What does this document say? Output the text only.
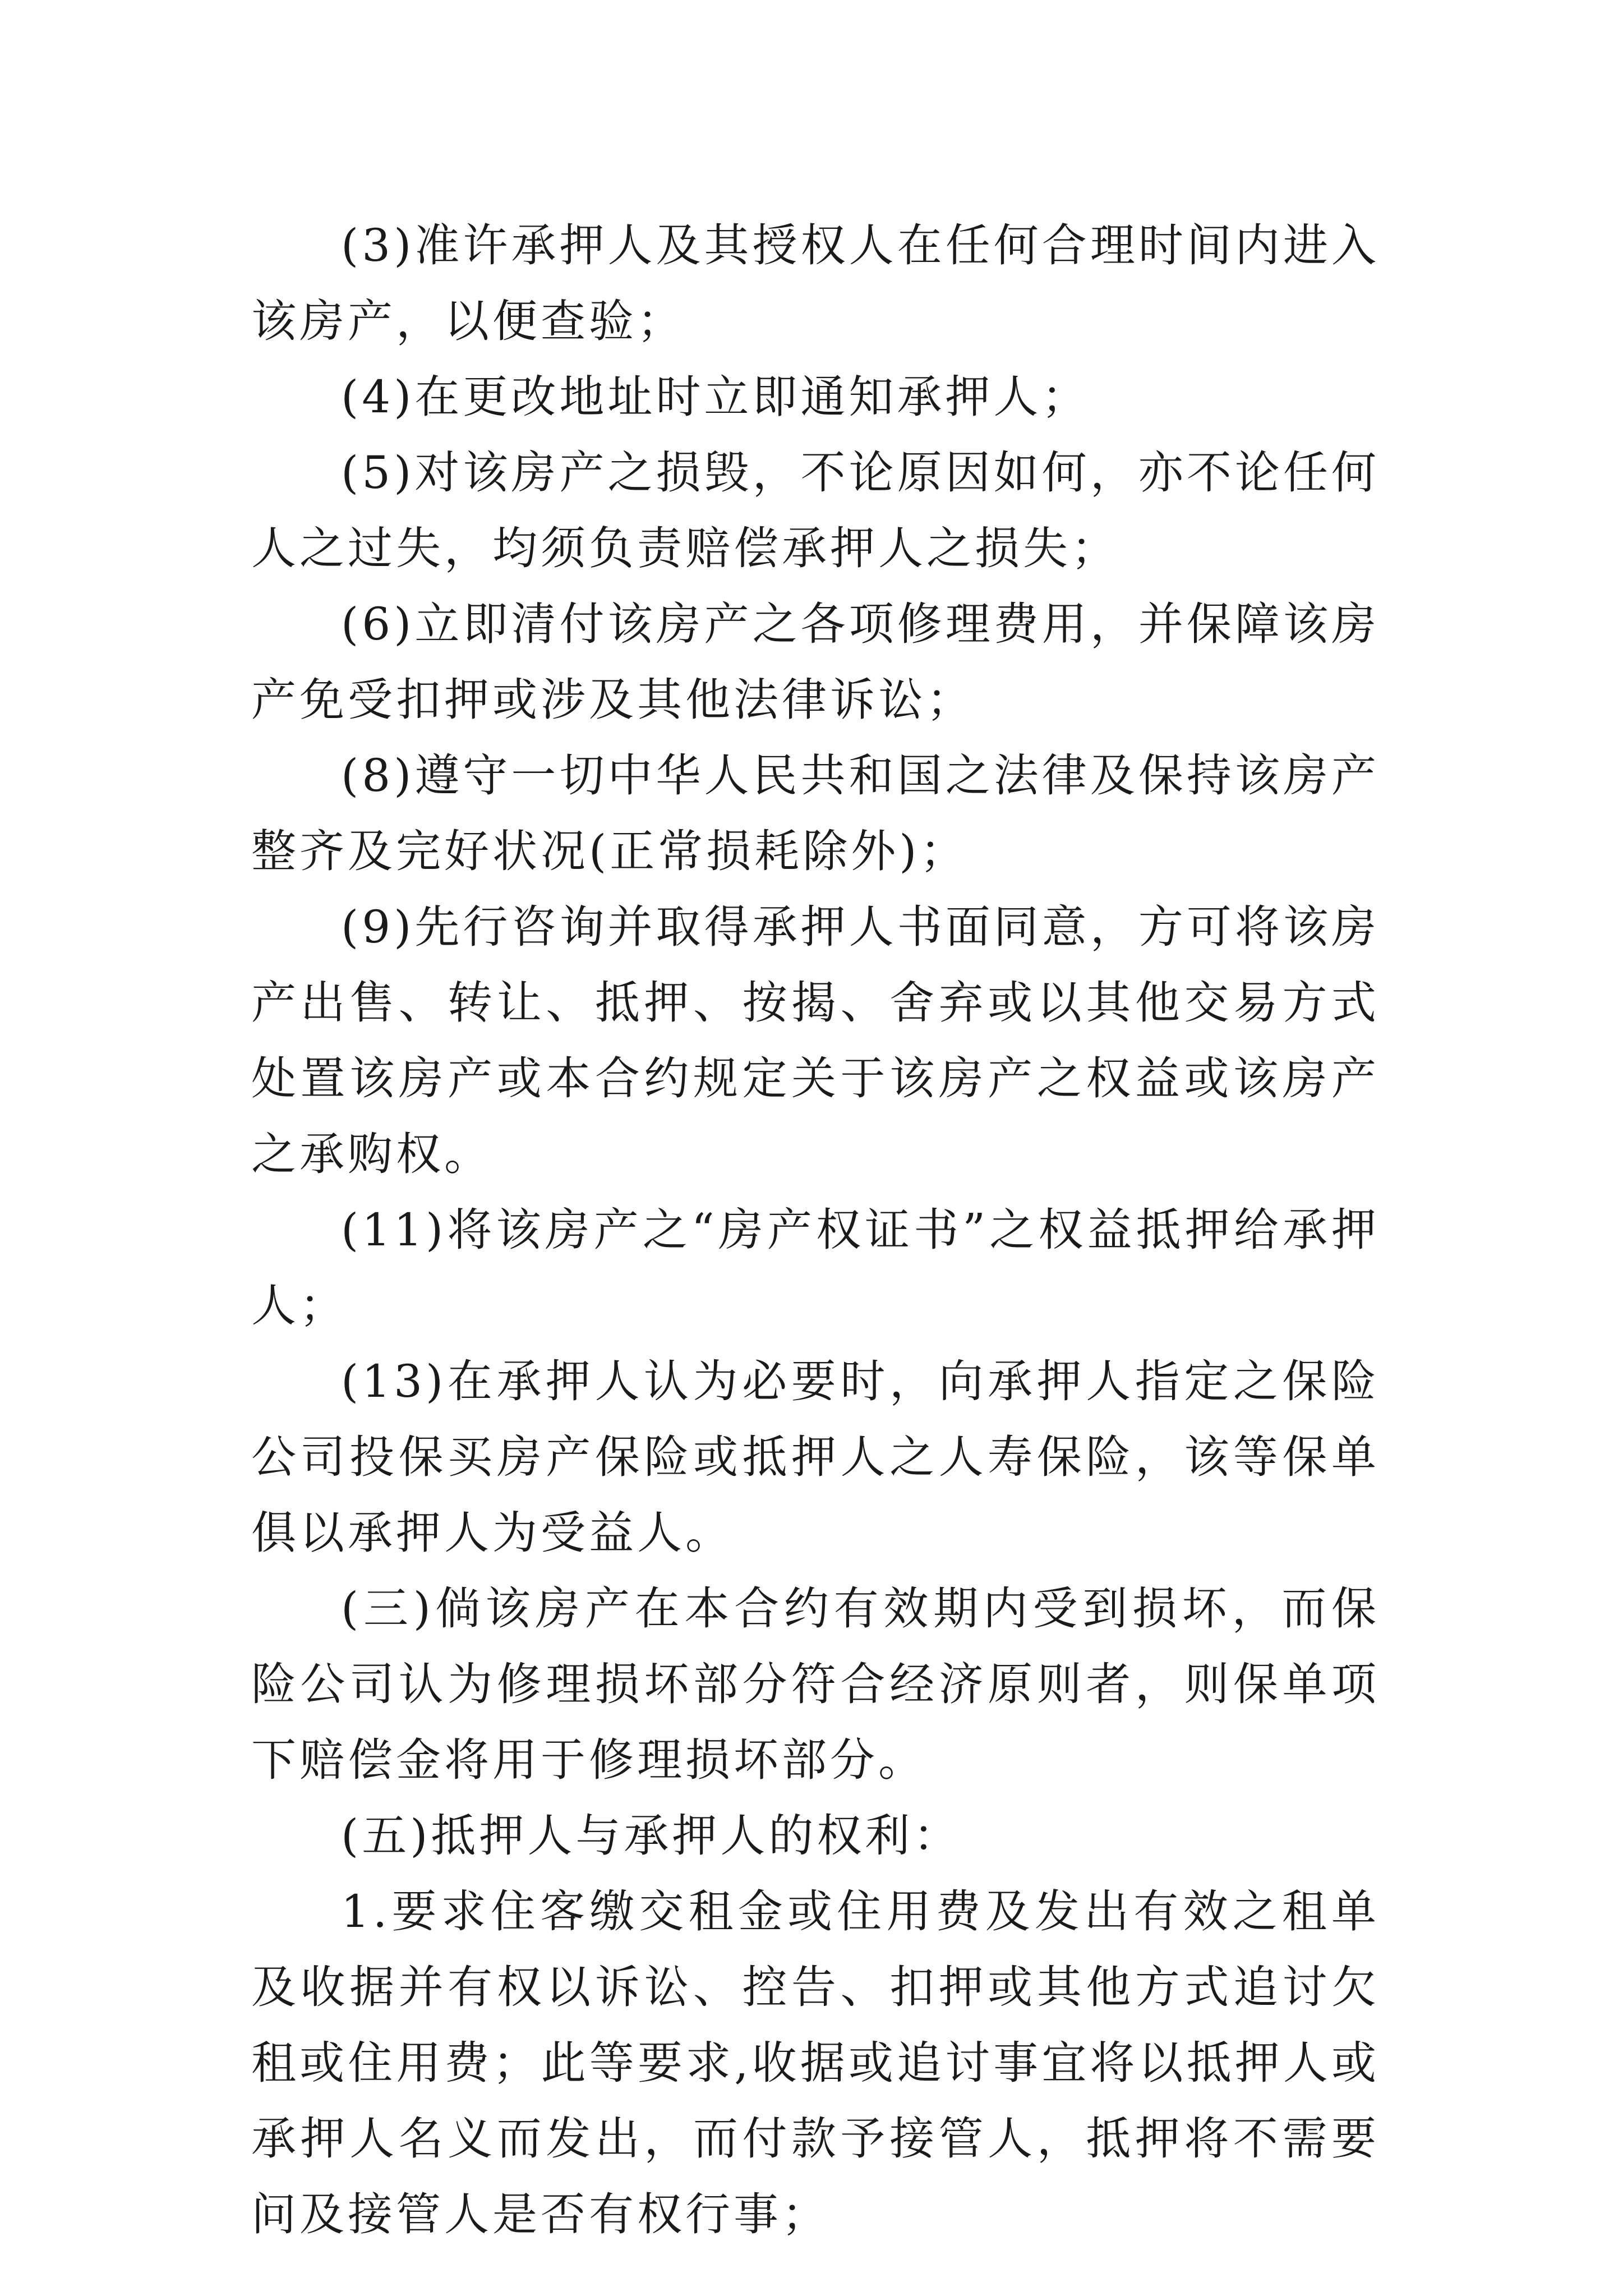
(3)准许承押人及其授权人在任何合理时间内进入该房产，以便查验；

(4)在更改地址时立即通知承押人；

(5)对该房产之损毁，不论原因如何，亦不论任何人之过失，均须负责赔偿承押人之损失；

(6)立即清付该房产之各项修理费用，并保障该房产免受扣押或涉及其他法律诉讼；

(8)遵守一切中华人民共和国之法律及保持该房产整齐及完好状况(正常损耗除外)；

(9)先行咨询并取得承押人书面同意，方可将该房产出售、转让、抵押、按揭、舍弃或以其他交易方式处置该房产或本合约规定关于该房产之权益或该房产之承购权。

(11)将该房产之“房产权证书”之权益抵押给承押人；

(13)在承押人认为必要时，向承押人指定之保险公司投保买房产保险或抵押人之人寿保险，该等保单俱以承押人为受益人。

(三)倘该房产在本合约有效期内受到损坏，而保险公司认为修理损坏部分符合经济原则者，则保单项下赔偿金将用于修理损坏部分。

(五)抵押人与承押人的权利：

1.要求住客缴交租金或住用费及发出有效之租单及收据并有权以诉讼、控告、扣押或其他方式追讨欠租或住用费；此等要求,收据或追讨事宜将以抵押人或承押人名义而发出，而付款予接管人，抵押将不需要问及接管人是否有权行事；
